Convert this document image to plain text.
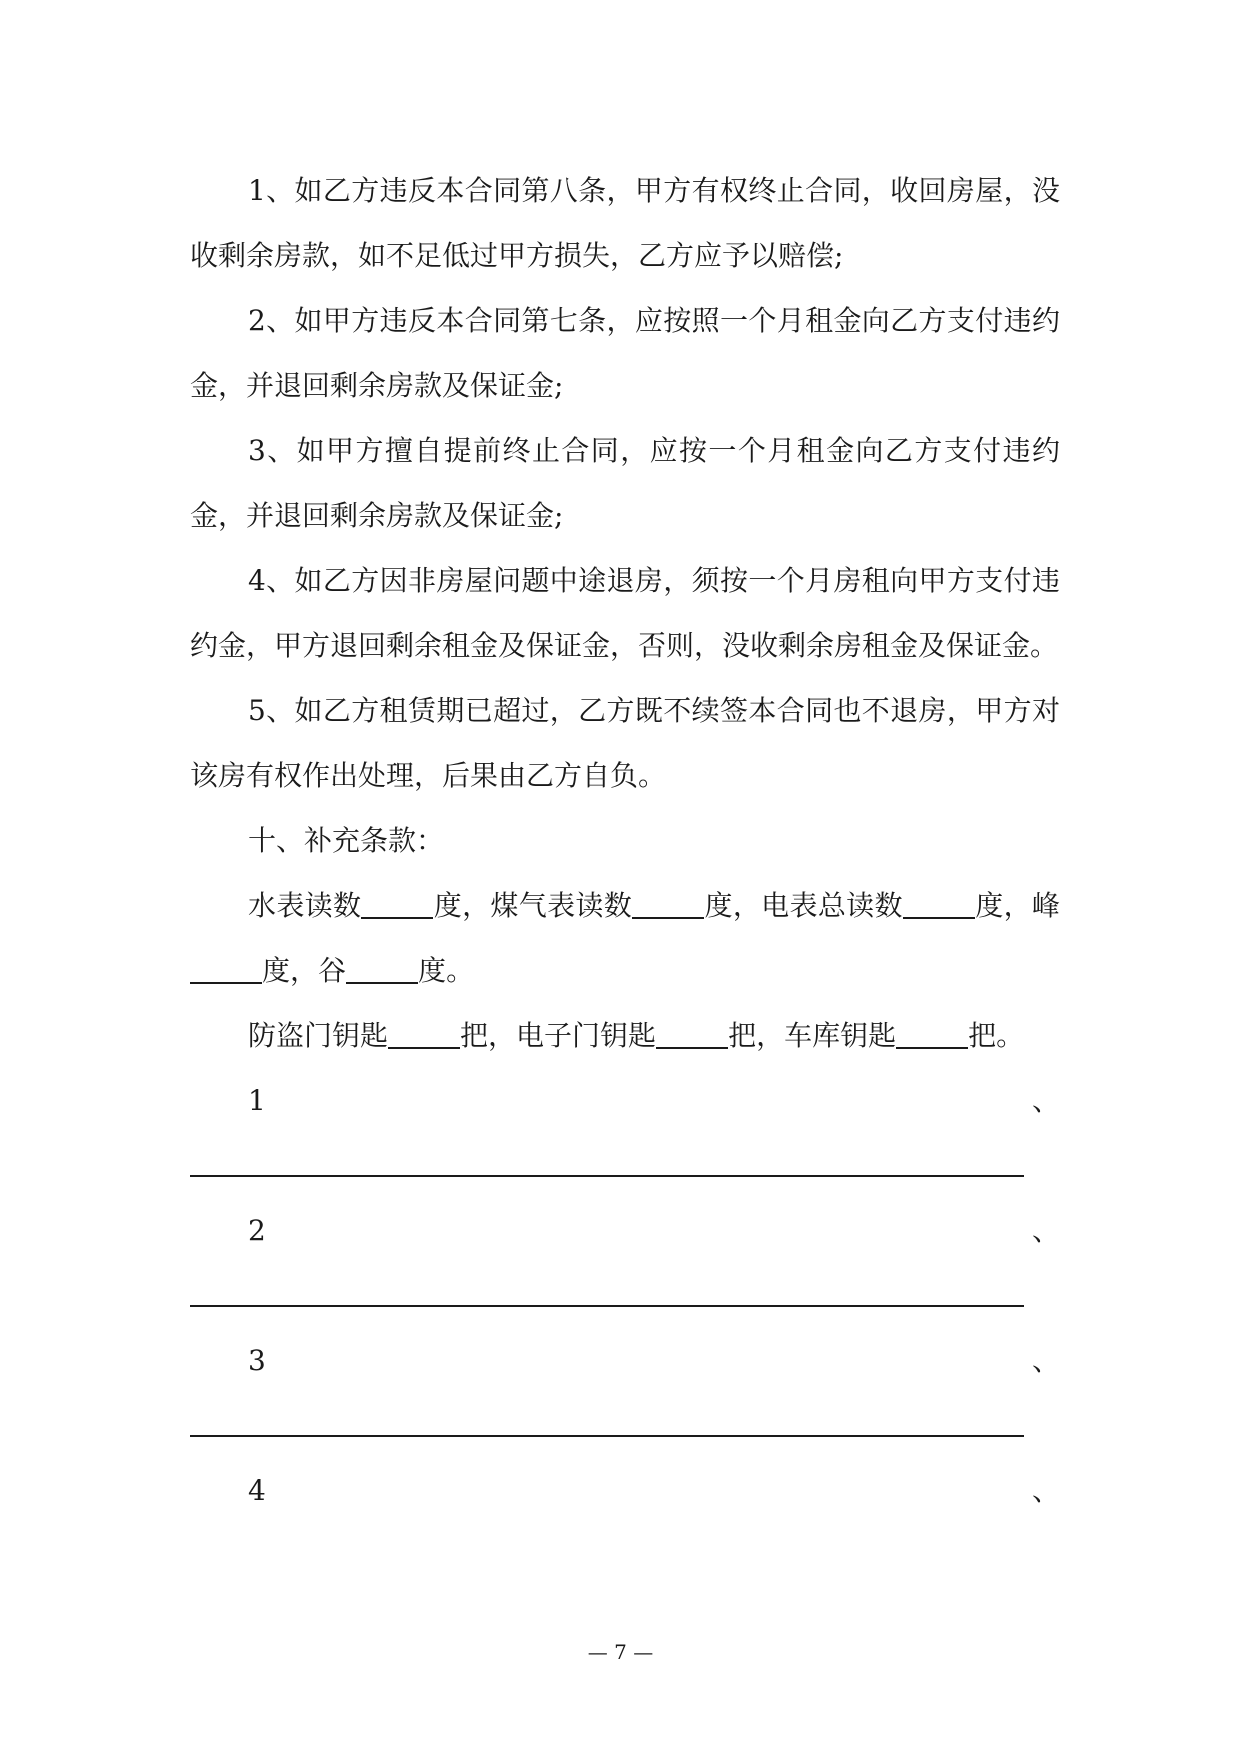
1、如乙方违反本合同第八条，甲方有权终止合同，收回房屋，没收剩余房款，如不足低过甲方损失，乙方应予以赔偿;

2、如甲方违反本合同第七条，应按照一个月租金向乙方支付违约金，并退回剩余房款及保证金;

3、如甲方擅自提前终止合同，应按一个月租金向乙方支付违约金，并退回剩余房款及保证金;

4、如乙方因非房屋问题中途退房，须按一个月房租向甲方支付违约金，甲方退回剩余租金及保证金，否则，没收剩余房租金及保证金。

5、如乙方租赁期已超过，乙方既不续签本合同也不退房，甲方对该房有权作出处理，后果由乙方自负。

十、补充条款：

水表读数	度，煤气表读数	度，电表总读数	度，峰度，谷	度。

防盗门钥匙	把，电子门钥匙	把，车库钥匙	把。

1	、
2	、
3	、
4	、
— 7 —
